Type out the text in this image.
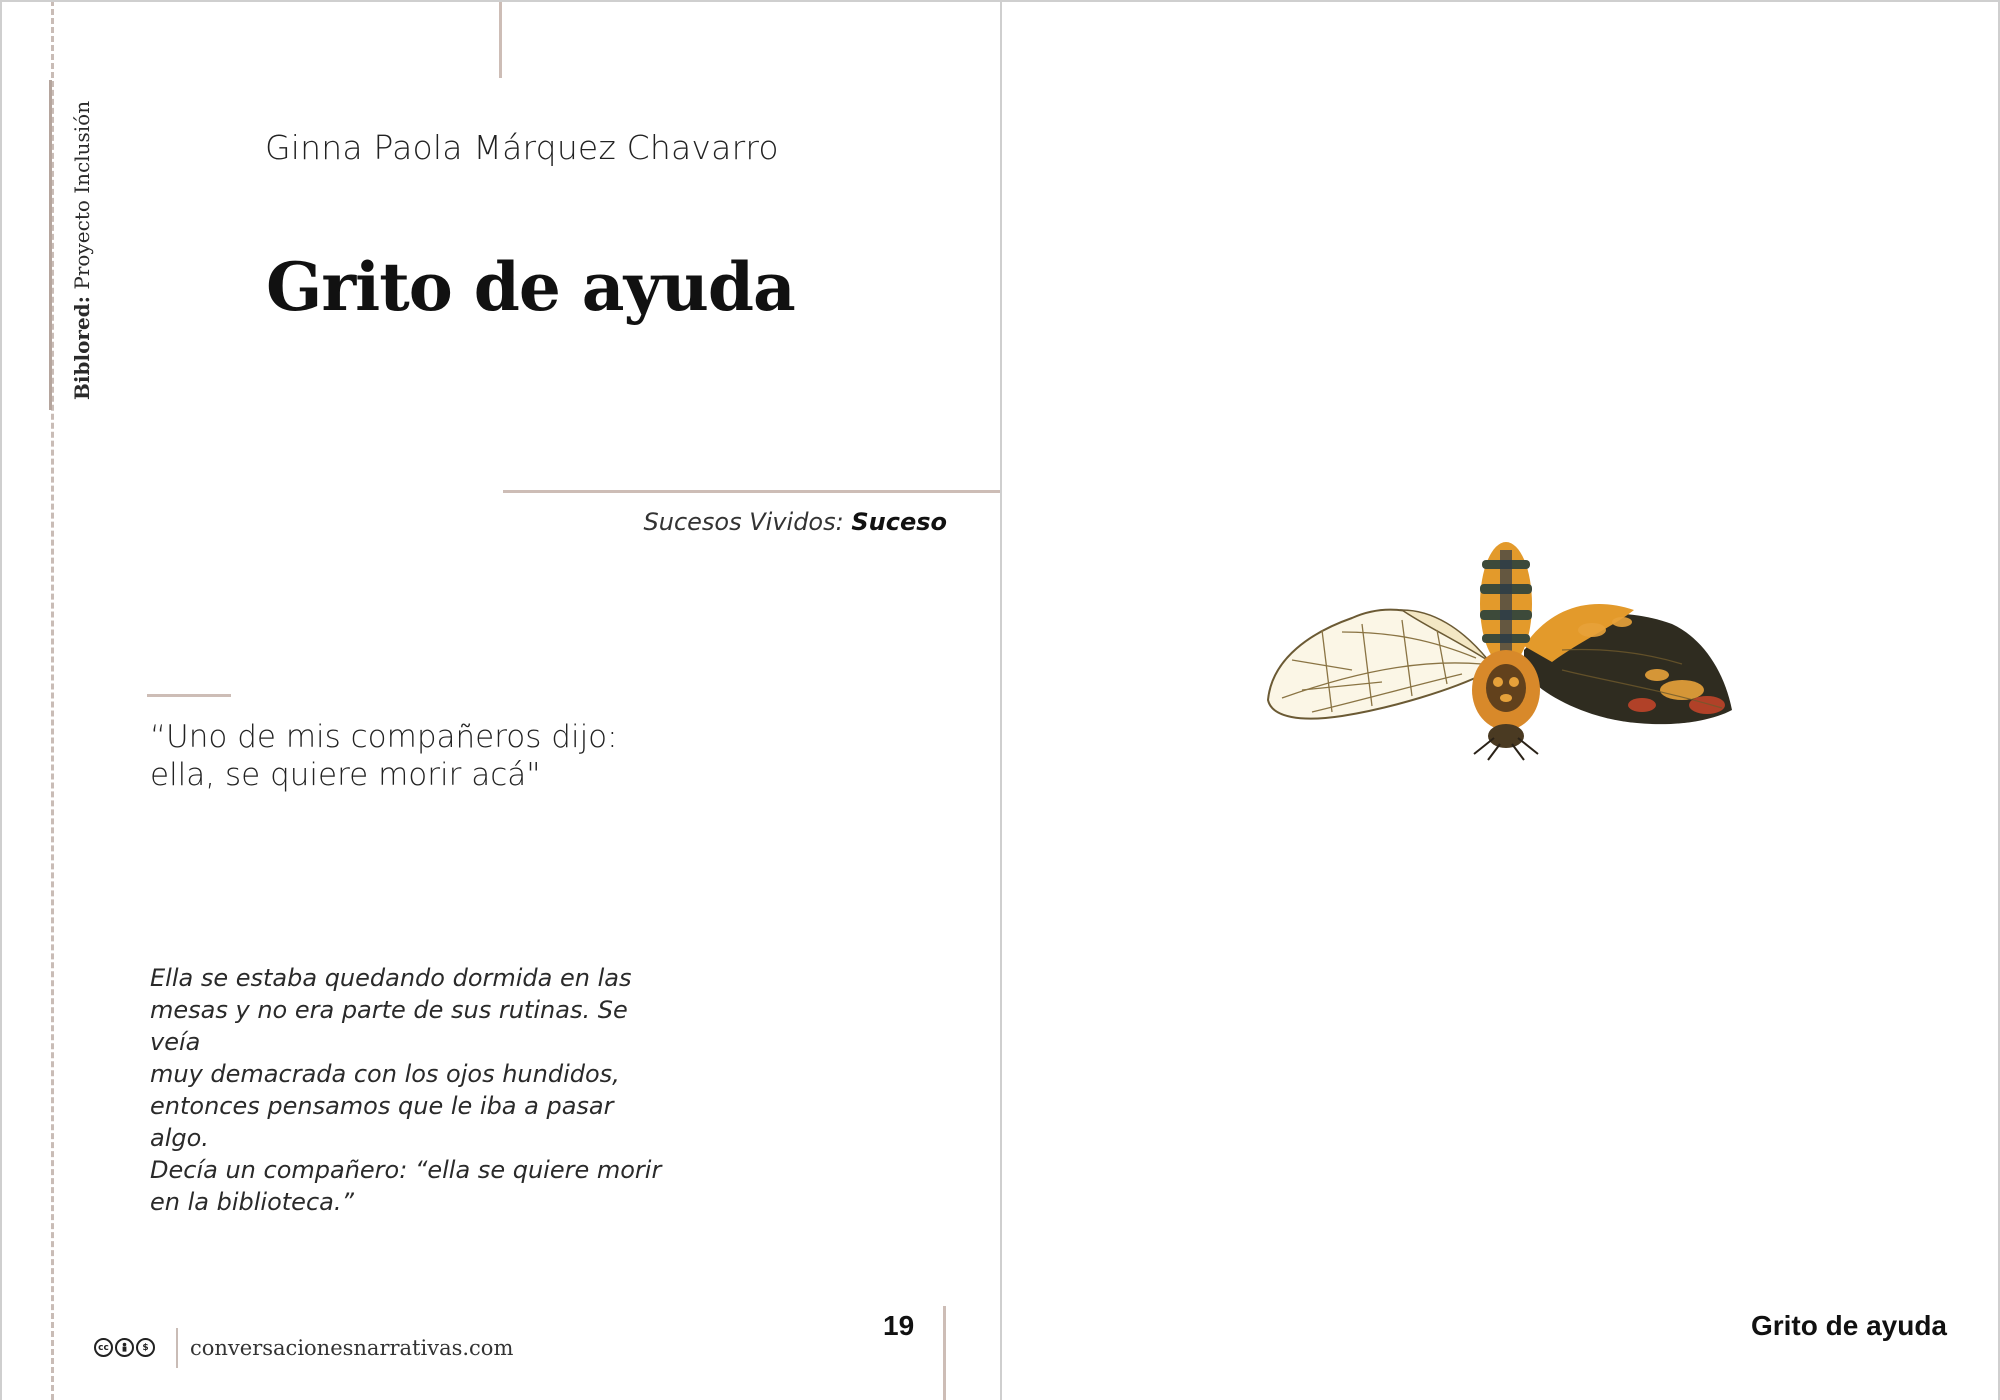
Biblored: Proyecto Inclusión	Ginna Paola Márquez Chavarro
Grito de ayuda
Sucesos Vividos: Suceso
“Uno de mis compañeros dijo:
ella, se quiere morir acá"
Ella se estaba quedando dormida en las
mesas y no era parte de sus rutinas. Se veía
muy demacrada con los ojos hundidos,
entonces pensamos que le iba a pasar algo.
Decía un compañero: “ella se quiere morir
en la biblioteca.”
19
cc	$	conversacionesnarrativas.com
Grito de ayuda
